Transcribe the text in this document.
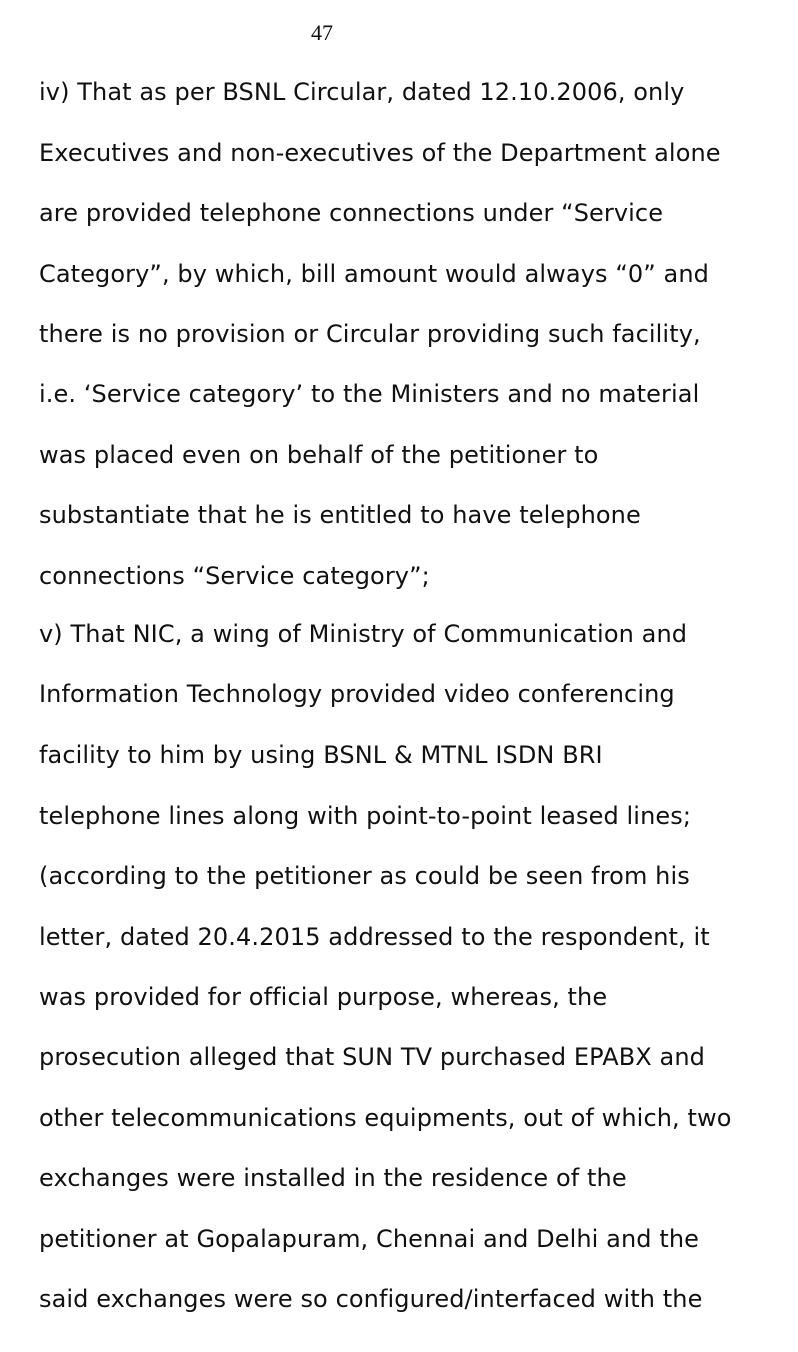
47

iv) That as per BSNL Circular, dated 12.10.2006, only

Executives and non-executives of the Department alone

are provided telephone connections under “Service

Category”, by which, bill amount would always “0” and

there is no provision or Circular providing such facility,

i.e. ‘Service category’ to the Ministers and no material

was placed even on behalf of the petitioner to

substantiate that he is entitled to have telephone

connections “Service category”;

v) That NIC, a wing of Ministry of Communication and

Information Technology provided video conferencing

facility to him by using BSNL & MTNL ISDN BRI

telephone lines along with point-to-point leased lines;

(according to the petitioner as could be seen from his

letter, dated 20.4.2015 addressed to the respondent, it

was provided for official purpose, whereas, the

prosecution alleged that SUN TV purchased EPABX and

other telecommunications equipments, out of which, two

exchanges were installed in the residence of the

petitioner at Gopalapuram, Chennai and Delhi and the

said exchanges were so configured/interfaced with the
